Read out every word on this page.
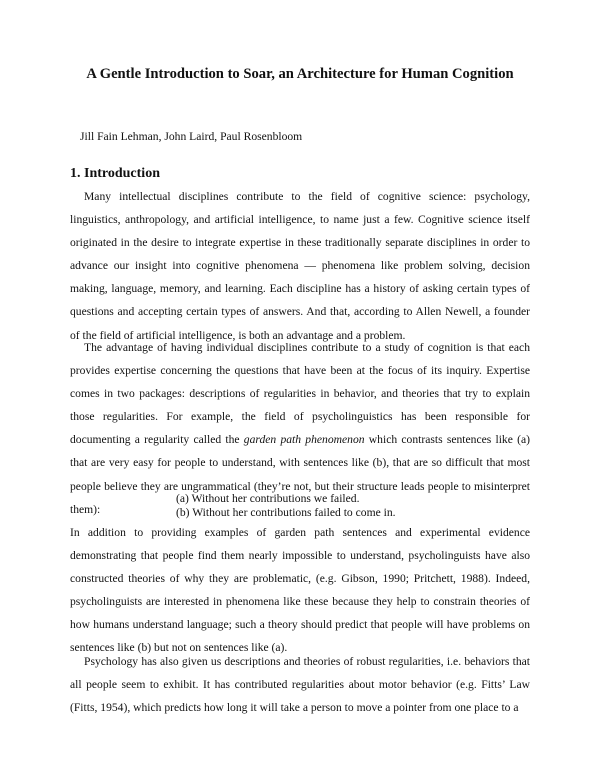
A Gentle Introduction to Soar, an Architecture for Human Cognition
Jill Fain Lehman, John Laird, Paul Rosenbloom
1. Introduction

Many intellectual disciplines contribute to the field of cognitive science: psychology, linguistics, anthropology, and artificial intelligence, to name just a few. Cognitive science itself originated in the desire to integrate expertise in these traditionally separate disciplines in order to advance our insight into cognitive phenomena — phenomena like problem solving, decision making, language, memory, and learning. Each discipline has a history of asking certain types of questions and accepting certain types of answers. And that, according to Allen Newell, a founder of the field of artificial intelligence, is both an advantage and a problem.

The advantage of having individual disciplines contribute to a study of cognition is that each provides expertise concerning the questions that have been at the focus of its inquiry. Expertise comes in two packages: descriptions of regularities in behavior, and theories that try to explain those regularities. For example, the field of psycholinguistics has been responsible for documenting a regularity called the garden path phenomenon which contrasts sentences like (a) that are very easy for people to understand, with sentences like (b), that are so difficult that most people believe they are ungrammatical (they’re not, but their structure leads people to misinterpret them):

(a) Without her contributions we failed.
(b) Without her contributions failed to come in.

In addition to providing examples of garden path sentences and experimental evidence demonstrating that people find them nearly impossible to understand, psycholinguists have also constructed theories of why they are problematic, (e.g. Gibson, 1990; Pritchett, 1988). Indeed, psycholinguists are interested in phenomena like these because they help to constrain theories of how humans understand language; such a theory should predict that people will have problems on sentences like (b) but not on sentences like (a).

Psychology has also given us descriptions and theories of robust regularities, i.e. behaviors that all people seem to exhibit. It has contributed regularities about motor behavior (e.g. Fitts’ Law (Fitts, 1954), which predicts how long it will take a person to move a pointer from one place to a
